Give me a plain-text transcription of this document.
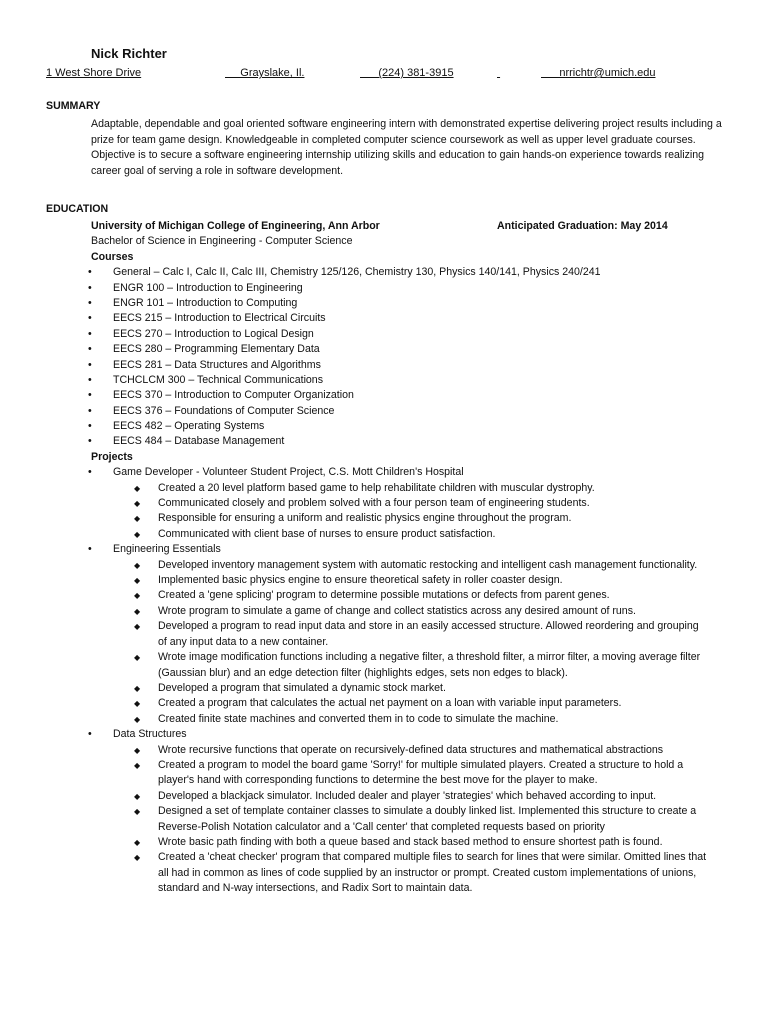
Nick Richter
1 West Shore Drive	Grayslake, Il.	(224) 381-3915
	nrrichtr@umich.edu
SUMMARY

Adaptable, dependable and goal oriented software engineering intern with demonstrated expertise delivering project results including a prize for team game design. Knowledgeable in completed computer science coursework as well as upper level graduate courses. Objective is to secure a software engineering internship utilizing skills and education to gain hands-on experience towards realizing career goal of serving a role in software development.

EDUCATION
University of Michigan College of Engineering, Ann Arbor	Anticipated Graduation: May 2014
Bachelor of Science in Engineering - Computer Science
Courses
• General – Calc I, Calc II, Calc III, Chemistry 125/126, Chemistry 130, Physics 140/141, Physics 240/241
• ENGR 100 – Introduction to Engineering
• ENGR 101 – Introduction to Computing
• EECS 215 – Introduction to Electrical Circuits
• EECS 270 – Introduction to Logical Design
• EECS 280 – Programming Elementary Data
• EECS 281 – Data Structures and Algorithms
• TCHCLCM 300 – Technical Communications
• EECS 370 – Introduction to Computer Organization
• EECS 376 – Foundations of Computer Science
• EECS 482 – Operating Systems
• EECS 484 – Database Management
Projects
• Game Developer - Volunteer Student Project, C.S. Mott Children's Hospital
◆ Created a 20 level platform based game to help rehabilitate children with muscular dystrophy.
◆ Communicated closely and problem solved with a four person team of engineering students.
◆ Responsible for ensuring a uniform and realistic physics engine throughout the program.
◆ Communicated with client base of nurses to ensure product satisfaction.
• Engineering Essentials
◆ Developed inventory management system with automatic restocking and intelligent cash management functionality.
◆ Implemented basic physics engine to ensure theoretical safety in roller coaster design.
◆ Created a 'gene splicing' program to determine possible mutations or defects from parent genes.
◆ Wrote program to simulate a game of change and collect statistics across any desired amount of runs.
◆ Developed a program to read input data and store in an easily accessed structure. Allowed reordering and grouping of any input data to a new container.
◆ Wrote image modification functions including a negative filter, a threshold filter, a mirror filter, a moving average filter (Gaussian blur) and an edge detection filter (highlights edges, sets non edges to black).
◆ Developed a program that simulated a dynamic stock market.
◆ Created a program that calculates the actual net payment on a loan with variable input parameters.
◆ Created finite state machines and converted them in to code to simulate the machine.
• Data Structures
◆ Wrote recursive functions that operate on recursively-defined data structures and mathematical abstractions
◆ Created a program to model the board game 'Sorry!' for multiple simulated players. Created a structure to hold a player's hand with corresponding functions to determine the best move for the player to make.
◆ Developed a blackjack simulator. Included dealer and player 'strategies' which behaved according to input.
◆ Designed a set of template container classes to simulate a doubly linked list. Implemented this structure to create a Reverse-Polish Notation calculator and a 'Call center' that completed requests based on priority
◆ Wrote basic path finding with both a queue based and stack based method to ensure shortest path is found.
◆ Created a 'cheat checker' program that compared multiple files to search for lines that were similar. Omitted lines that all had in common as lines of code supplied by an instructor or prompt. Created custom implementations of unions, standard and N-way intersections, and Radix Sort to maintain data.
